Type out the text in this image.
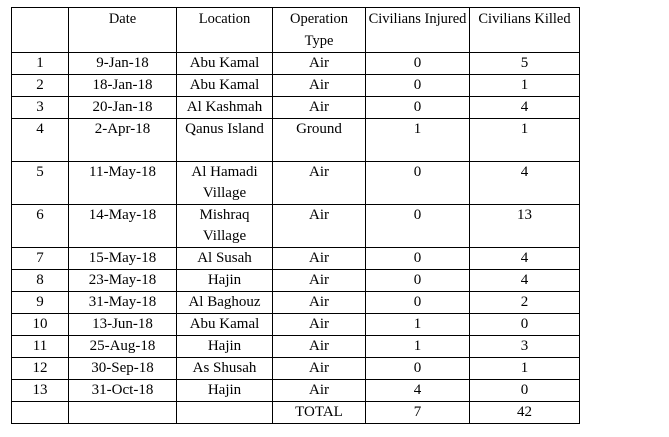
	Date	Location	Operation Type	Civilians Injured	Civilians Killed
1	9-Jan-18	Abu Kamal	Air	0	5
2	18-Jan-18	Abu Kamal	Air	0	1
3	20-Jan-18	Al Kashmah	Air	0	4
4	2-Apr-18	Qanus Island	Ground	1	1
5	11-May-18	Al Hamadi Village	Air	0	4
6	14-May-18	Mishraq Village	Air	0	13
7	15-May-18	Al Susah	Air	0	4
8	23-May-18	Hajin	Air	0	4
9	31-May-18	Al Baghouz	Air	0	2
10	13-Jun-18	Abu Kamal	Air	1	0
11	25-Aug-18	Hajin	Air	1	3
12	30-Sep-18	As Shusah	Air	0	1
13	31-Oct-18	Hajin	Air	4	0
			TOTAL	7	42
